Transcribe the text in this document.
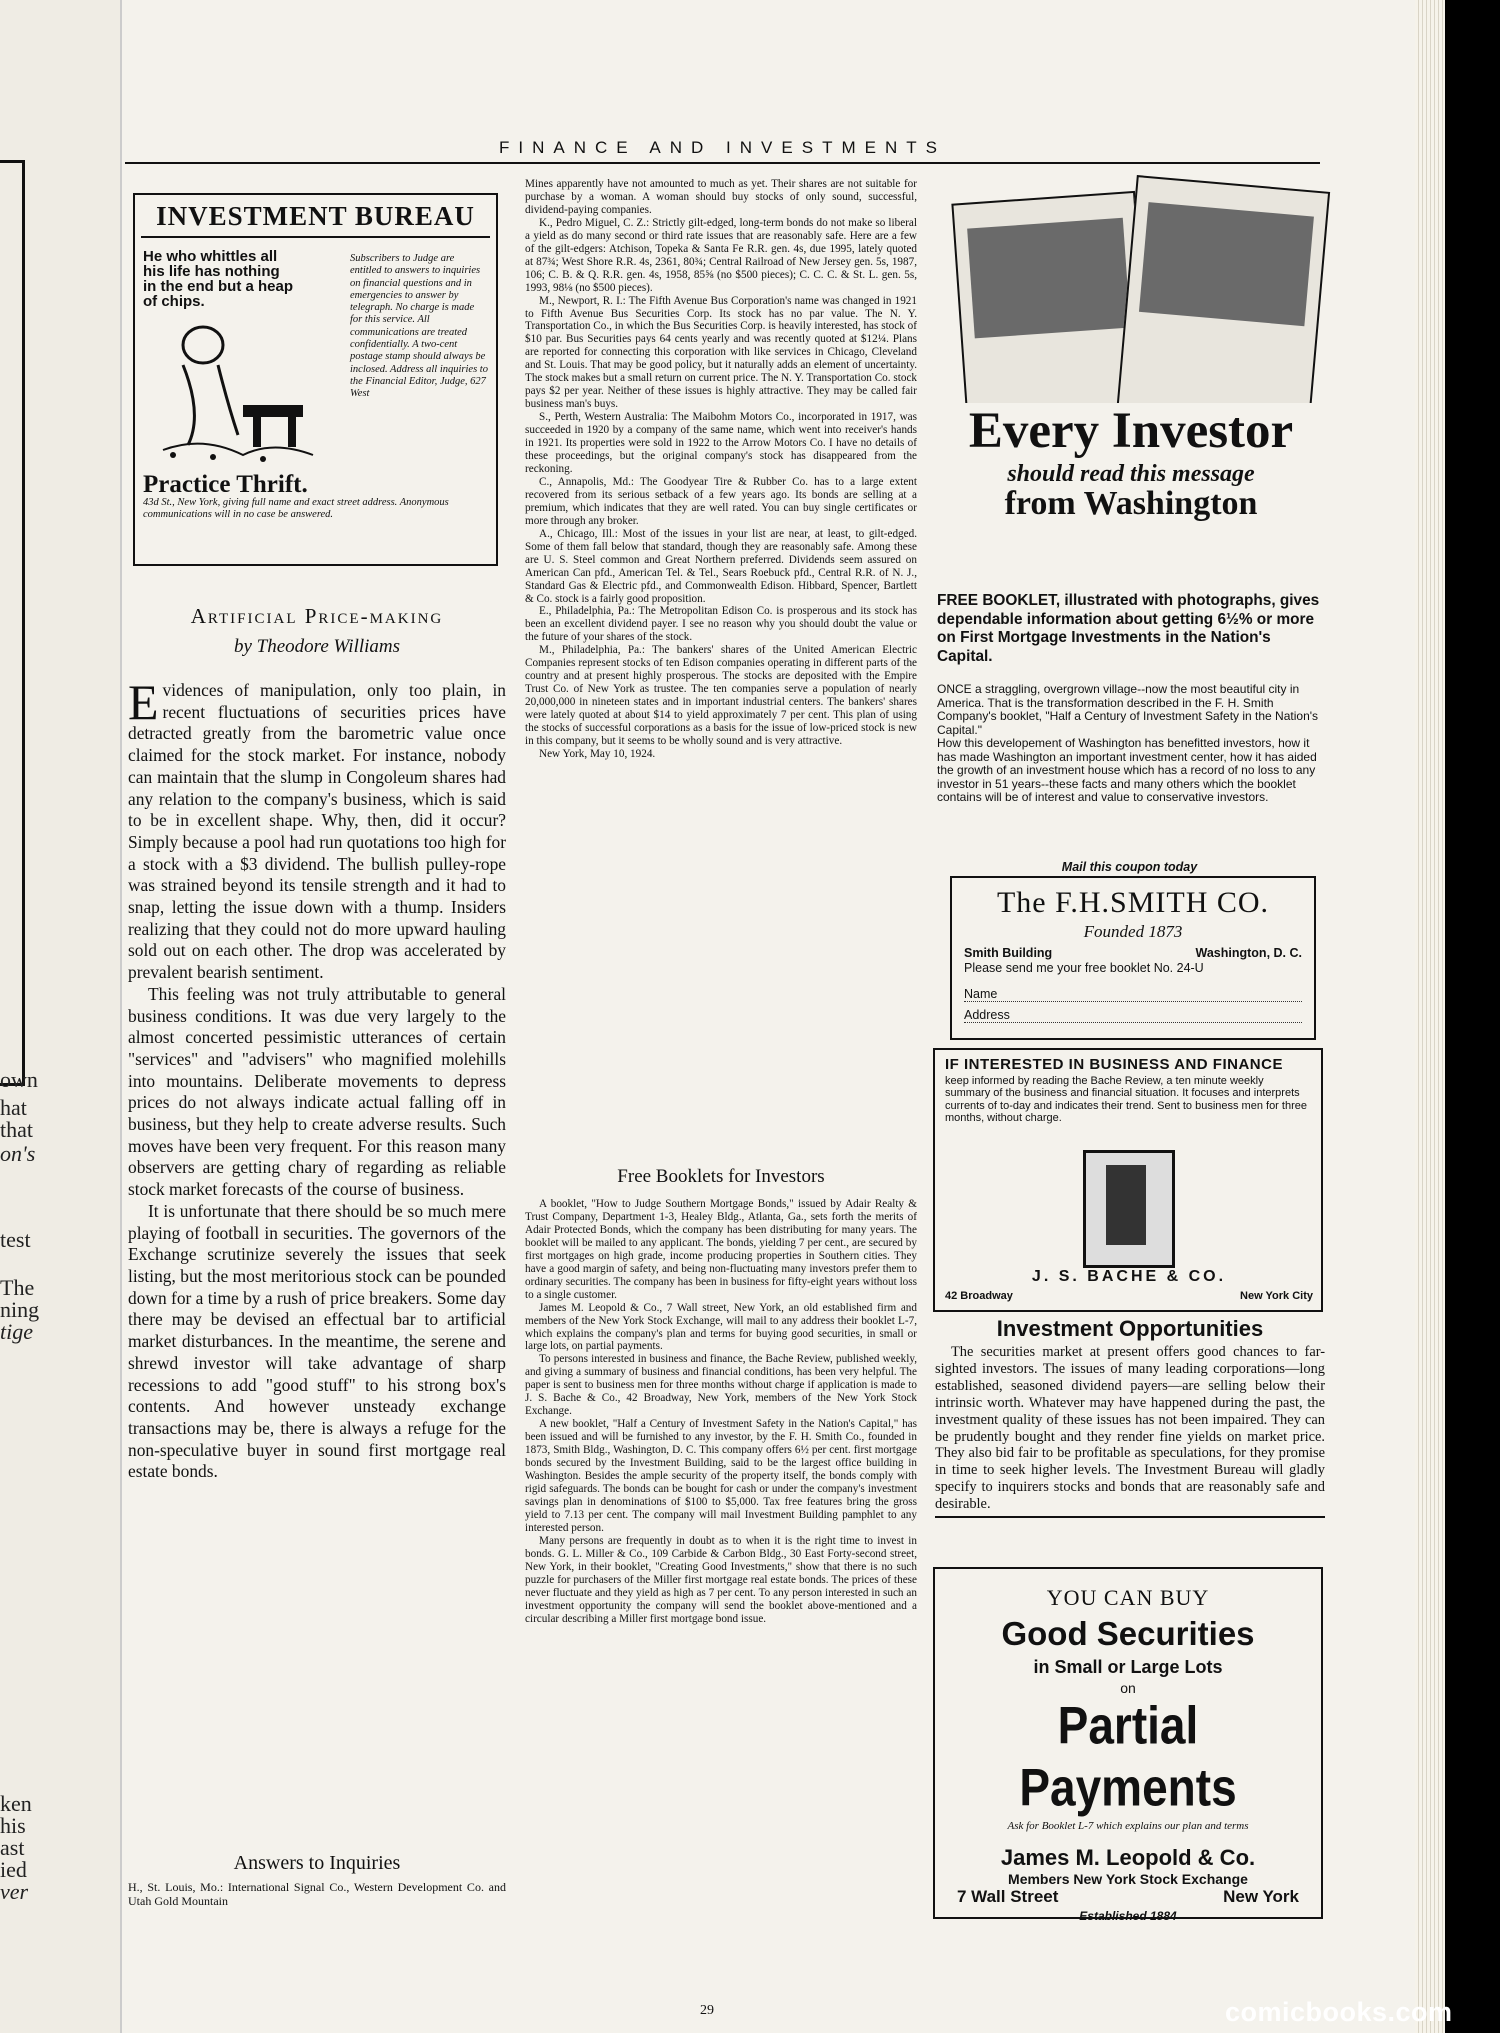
own
hat
that
on's
test
The
ning
tige
ken
his
ast
ied
ver
FINANCE AND INVESTMENTS
INVESTMENT BUREAU
He who whittles all his life has nothing in the end but a heap of chips.
Practice Thrift.
Subscribers to Judge are entitled to answers to inquiries on financial questions and in emergencies to answer by telegraph. No charge is made for this service. All communications are treated confidentially. A two-cent postage stamp should always be inclosed. Address all inquiries to the Financial Editor, Judge, 627 West
43d St., New York, giving full name and exact street address. Anonymous communications will in no case be answered.
Artificial Price-making
by Theodore Williams

Evidences of manipulation, only too plain, in recent fluctuations of securities prices have detracted greatly from the barometric value once claimed for the stock market. For instance, nobody can maintain that the slump in Congoleum shares had any relation to the company's business, which is said to be in excellent shape. Why, then, did it occur? Simply because a pool had run quotations too high for a stock with a $3 dividend. The bullish pulley-rope was strained beyond its tensile strength and it had to snap, letting the issue down with a thump. Insiders realizing that they could not do more upward hauling sold out on each other. The drop was accelerated by prevalent bearish sentiment.

This feeling was not truly attributable to general business conditions. It was due very largely to the almost concerted pessimistic utterances of certain "services" and "advisers" who magnified molehills into mountains. Deliberate movements to depress prices do not always indicate actual falling off in business, but they help to create adverse results. Such moves have been very frequent. For this reason many observers are getting chary of regarding as reliable stock market forecasts of the course of business.

It is unfortunate that there should be so much mere playing of football in securities. The governors of the Exchange scrutinize severely the issues that seek listing, but the most meritorious stock can be pounded down for a time by a rush of price breakers. Some day there may be devised an effectual bar to artificial market disturbances. In the meantime, the serene and shrewd investor will take advantage of sharp recessions to add "good stuff" to his strong box's contents. And however unsteady exchange transactions may be, there is always a refuge for the non-speculative buyer in sound first mortgage real estate bonds.

Answers to Inquiries
H., St. Louis, Mo.: International Signal Co., Western Development Co. and Utah Gold Mountain

Mines apparently have not amounted to much as yet. Their shares are not suitable for purchase by a woman. A woman should buy stocks of only sound, successful, dividend-paying companies.

K., Pedro Miguel, C. Z.: Strictly gilt-edged, long-term bonds do not make so liberal a yield as do many second or third rate issues that are reasonably safe. Here are a few of the gilt-edgers: Atchison, Topeka & Santa Fe R.R. gen. 4s, due 1995, lately quoted at 87¾; West Shore R.R. 4s, 2361, 80¾; Central Railroad of New Jersey gen. 5s, 1987, 106; C. B. & Q. R.R. gen. 4s, 1958, 85⅝ (no $500 pieces); C. C. C. & St. L. gen. 5s, 1993, 98⅛ (no $500 pieces).

M., Newport, R. I.: The Fifth Avenue Bus Corporation's name was changed in 1921 to Fifth Avenue Bus Securities Corp. Its stock has no par value. The N. Y. Transportation Co., in which the Bus Securities Corp. is heavily interested, has stock of $10 par. Bus Securities pays 64 cents yearly and was recently quoted at $12¼. Plans are reported for connecting this corporation with like services in Chicago, Cleveland and St. Louis. That may be good policy, but it naturally adds an element of uncertainty. The stock makes but a small return on current price. The N. Y. Transportation Co. stock pays $2 per year. Neither of these issues is highly attractive. They may be called fair business man's buys.

S., Perth, Western Australia: The Maibohm Motors Co., incorporated in 1917, was succeeded in 1920 by a company of the same name, which went into receiver's hands in 1921. Its properties were sold in 1922 to the Arrow Motors Co. I have no details of these proceedings, but the original company's stock has disappeared from the reckoning.

C., Annapolis, Md.: The Goodyear Tire & Rubber Co. has to a large extent recovered from its serious setback of a few years ago. Its bonds are selling at a premium, which indicates that they are well rated. You can buy single certificates or more through any broker.

A., Chicago, Ill.: Most of the issues in your list are near, at least, to gilt-edged. Some of them fall below that standard, though they are reasonably safe. Among these are U. S. Steel common and Great Northern preferred. Dividends seem assured on American Can pfd., American Tel. & Tel., Sears Roebuck pfd., Central R.R. of N. J., Standard Gas & Electric pfd., and Commonwealth Edison. Hibbard, Spencer, Bartlett & Co. stock is a fairly good proposition.

E., Philadelphia, Pa.: The Metropolitan Edison Co. is prosperous and its stock has been an excellent dividend payer. I see no reason why you should doubt the value or the future of your shares of the stock.

M., Philadelphia, Pa.: The bankers' shares of the United American Electric Companies represent stocks of ten Edison companies operating in different parts of the country and at present highly prosperous. The stocks are deposited with the Empire Trust Co. of New York as trustee. The ten companies serve a population of nearly 20,000,000 in nineteen states and in important industrial centers. The bankers' shares were lately quoted at about $14 to yield approximately 7 per cent. This plan of using the stocks of successful corporations as a basis for the issue of low-priced stock is new in this company, but it seems to be wholly sound and is very attractive.

New York, May 10, 1924.

Free Booklets for Investors

A booklet, "How to Judge Southern Mortgage Bonds," issued by Adair Realty & Trust Company, Department 1-3, Healey Bldg., Atlanta, Ga., sets forth the merits of Adair Protected Bonds, which the company has been distributing for many years. The booklet will be mailed to any applicant. The bonds, yielding 7 per cent., are secured by first mortgages on high grade, income producing properties in Southern cities. They have a good margin of safety, and being non-fluctuating many investors prefer them to ordinary securities. The company has been in business for fifty-eight years without loss to a single customer.

James M. Leopold & Co., 7 Wall street, New York, an old established firm and members of the New York Stock Exchange, will mail to any address their booklet L-7, which explains the company's plan and terms for buying good securities, in small or large lots, on partial payments.

To persons interested in business and finance, the Bache Review, published weekly, and giving a summary of business and financial conditions, has been very helpful. The paper is sent to business men for three months without charge if application is made to J. S. Bache & Co., 42 Broadway, New York, members of the New York Stock Exchange.

A new booklet, "Half a Century of Investment Safety in the Nation's Capital," has been issued and will be furnished to any investor, by the F. H. Smith Co., founded in 1873, Smith Bldg., Washington, D. C. This company offers 6½ per cent. first mortgage bonds secured by the Investment Building, said to be the largest office building in Washington. Besides the ample security of the property itself, the bonds comply with rigid safeguards. The bonds can be bought for cash or under the company's investment savings plan in denominations of $100 to $5,000. Tax free features bring the gross yield to 7.13 per cent. The company will mail Investment Building pamphlet to any interested person.

Many persons are frequently in doubt as to when it is the right time to invest in bonds. G. L. Miller & Co., 109 Carbide & Carbon Bldg., 30 East Forty-second street, New York, in their booklet, "Creating Good Investments," show that there is no such puzzle for purchasers of the Miller first mortgage real estate bonds. The prices of these never fluctuate and they yield as high as 7 per cent. To any person interested in such an investment opportunity the company will send the booklet above-mentioned and a circular describing a Miller first mortgage bond issue.

Every Investor
should read this message
from Washington
FREE BOOKLET, illustrated with photographs, gives dependable information about getting 6½% or more on First Mortgage Investments in the Nation's Capital.
ONCE a straggling, overgrown village--now the most beautiful city in America. That is the transformation described in the F. H. Smith Company's booklet, "Half a Century of Investment Safety in the Nation's Capital."
How this developement of Washington has benefitted investors, how it has made Washington an important investment center, how it has aided the growth of an investment house which has a record of no loss to any investor in 51 years--these facts and many others which the booklet contains will be of interest and value to conservative investors.
Mail this coupon today
The F.H.SMITH CO.
Founded 1873
Smith Building	Washington, D. C.
Please send me your free booklet No. 24-U
Name
Address
IF INTERESTED IN BUSINESS AND FINANCE
keep informed by reading the Bache Review, a ten minute weekly summary of the business and financial situation. It focuses and interprets currents of to-day and indicates their trend. Sent to business men for three months, without charge.
J. S. BACHE & CO.
42 Broadway	New York City
Investment Opportunities

The securities market at present offers good chances to far-sighted investors. The issues of many leading corporations—long established, seasoned dividend payers—are selling below their intrinsic worth. Whatever may have happened during the past, the investment quality of these issues has not been impaired. They can be prudently bought and they render fine yields on market price. They also bid fair to be profitable as speculations, for they promise in time to seek higher levels. The Investment Bureau will gladly specify to inquirers stocks and bonds that are reasonably safe and desirable.

YOU CAN BUY
Good Securities
in Small or Large Lots
on
Partial Payments
Ask for Booklet L-7 which explains our plan and terms
James M. Leopold & Co.
Members New York Stock Exchange
7 Wall Street	New York
Established 1884
29	comicbooks.com
